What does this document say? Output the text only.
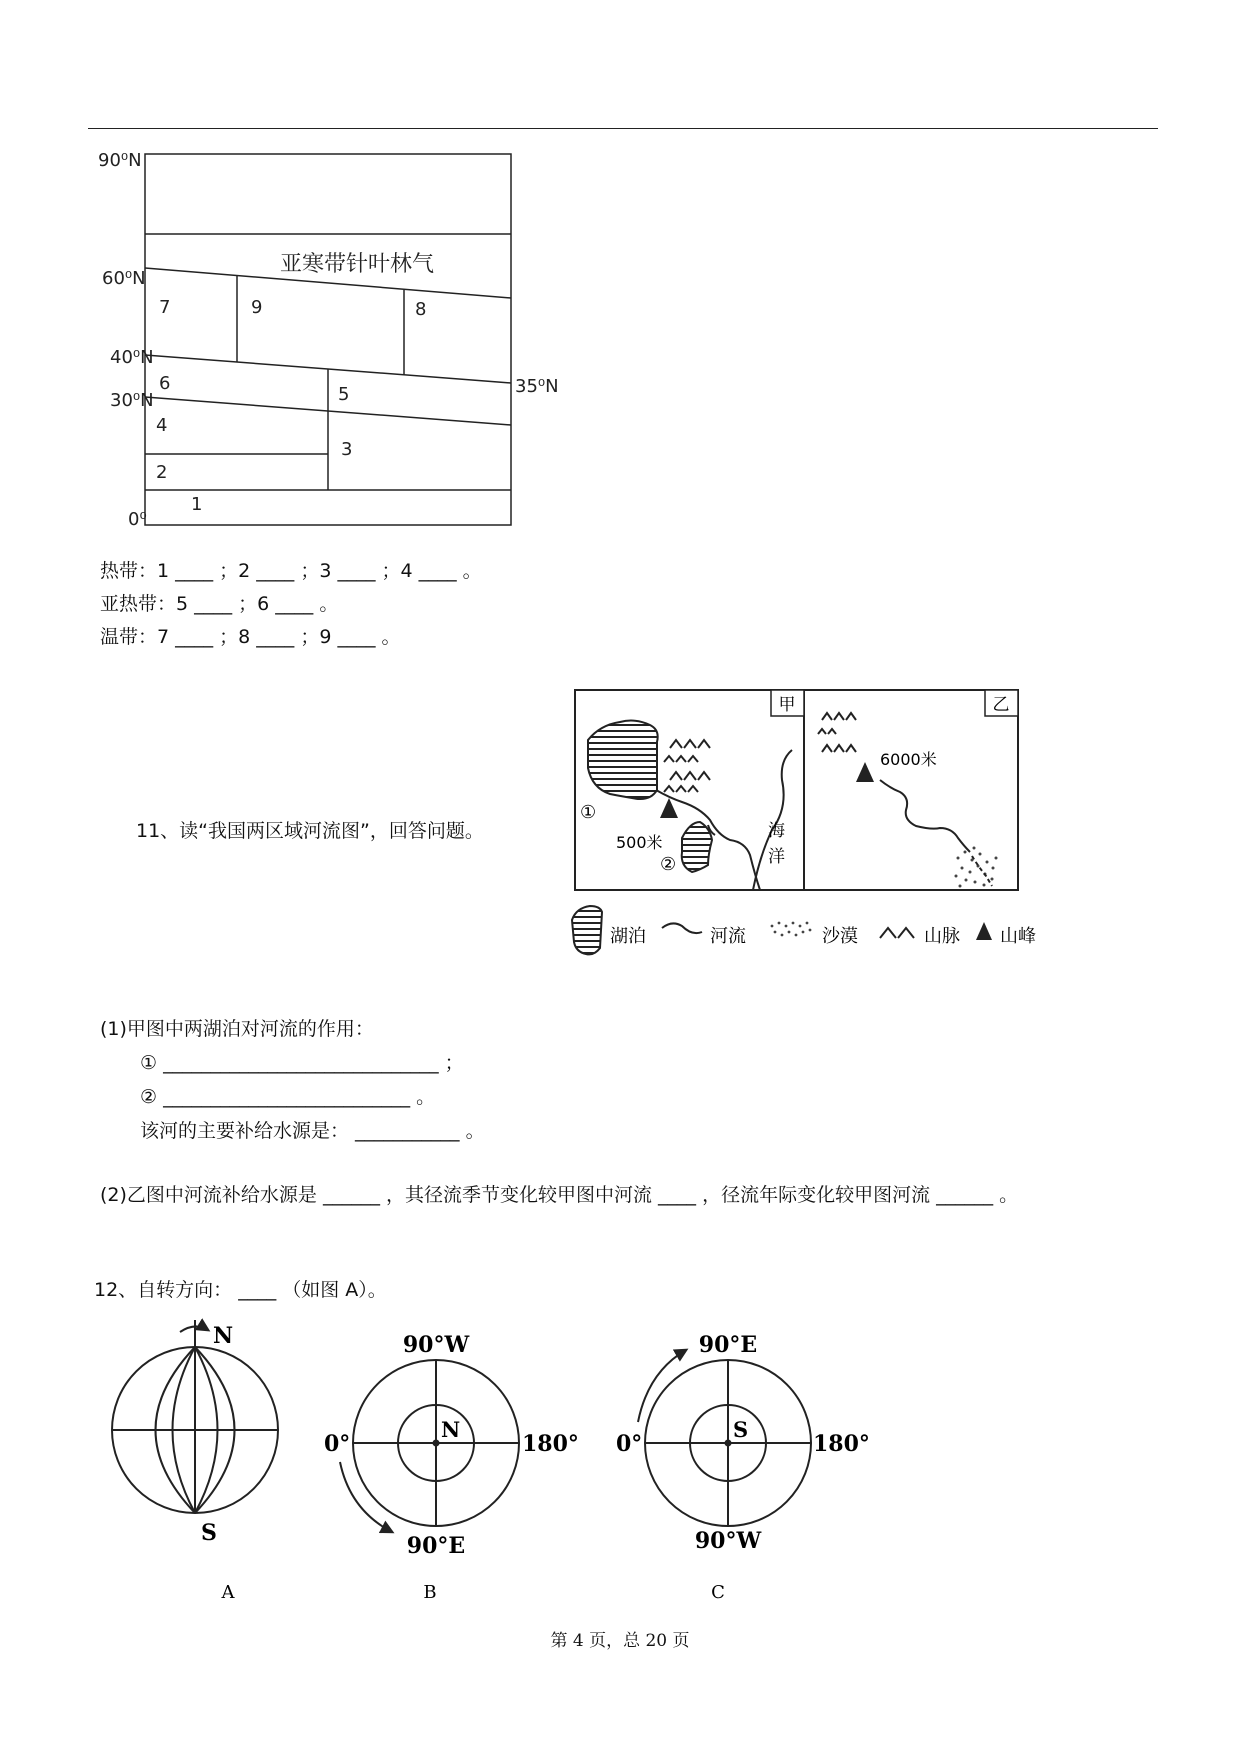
90⁰N
60⁰N
40⁰N
30⁰N
0⁰
35⁰N
亚寒带针叶林气
1
2
3
4
5
6
7	8
9
热带：1 ____ ；2 ____ ；3 ____ ；4 ____ 。
亚热带：5 ____ ；6 ____ 。
温带：7 ____ ；8 ____ ；9 ____ 。
11、读“我国两区域河流图”，回答问题。
甲	乙
500米
①
②
海
洋
6000米
湖泊	河流	沙漠	山脉 山峰
(1)甲图中两湖泊对河流的作用：
① _____________________________ ；
② __________________________ 。
该河的主要补给水源是： ___________ 。
(2)乙图中河流补给水源是 ______ ，其径流季节变化较甲图中河流 ____ ，径流年际变化较甲图河流 ______ 。
12、自转方向： ____ （如图 A）。
N
S
A
90°W
90°E
0°	180°
N
B
90°E
90°W
0°	180°
S
C
第 4 页，总 20 页
